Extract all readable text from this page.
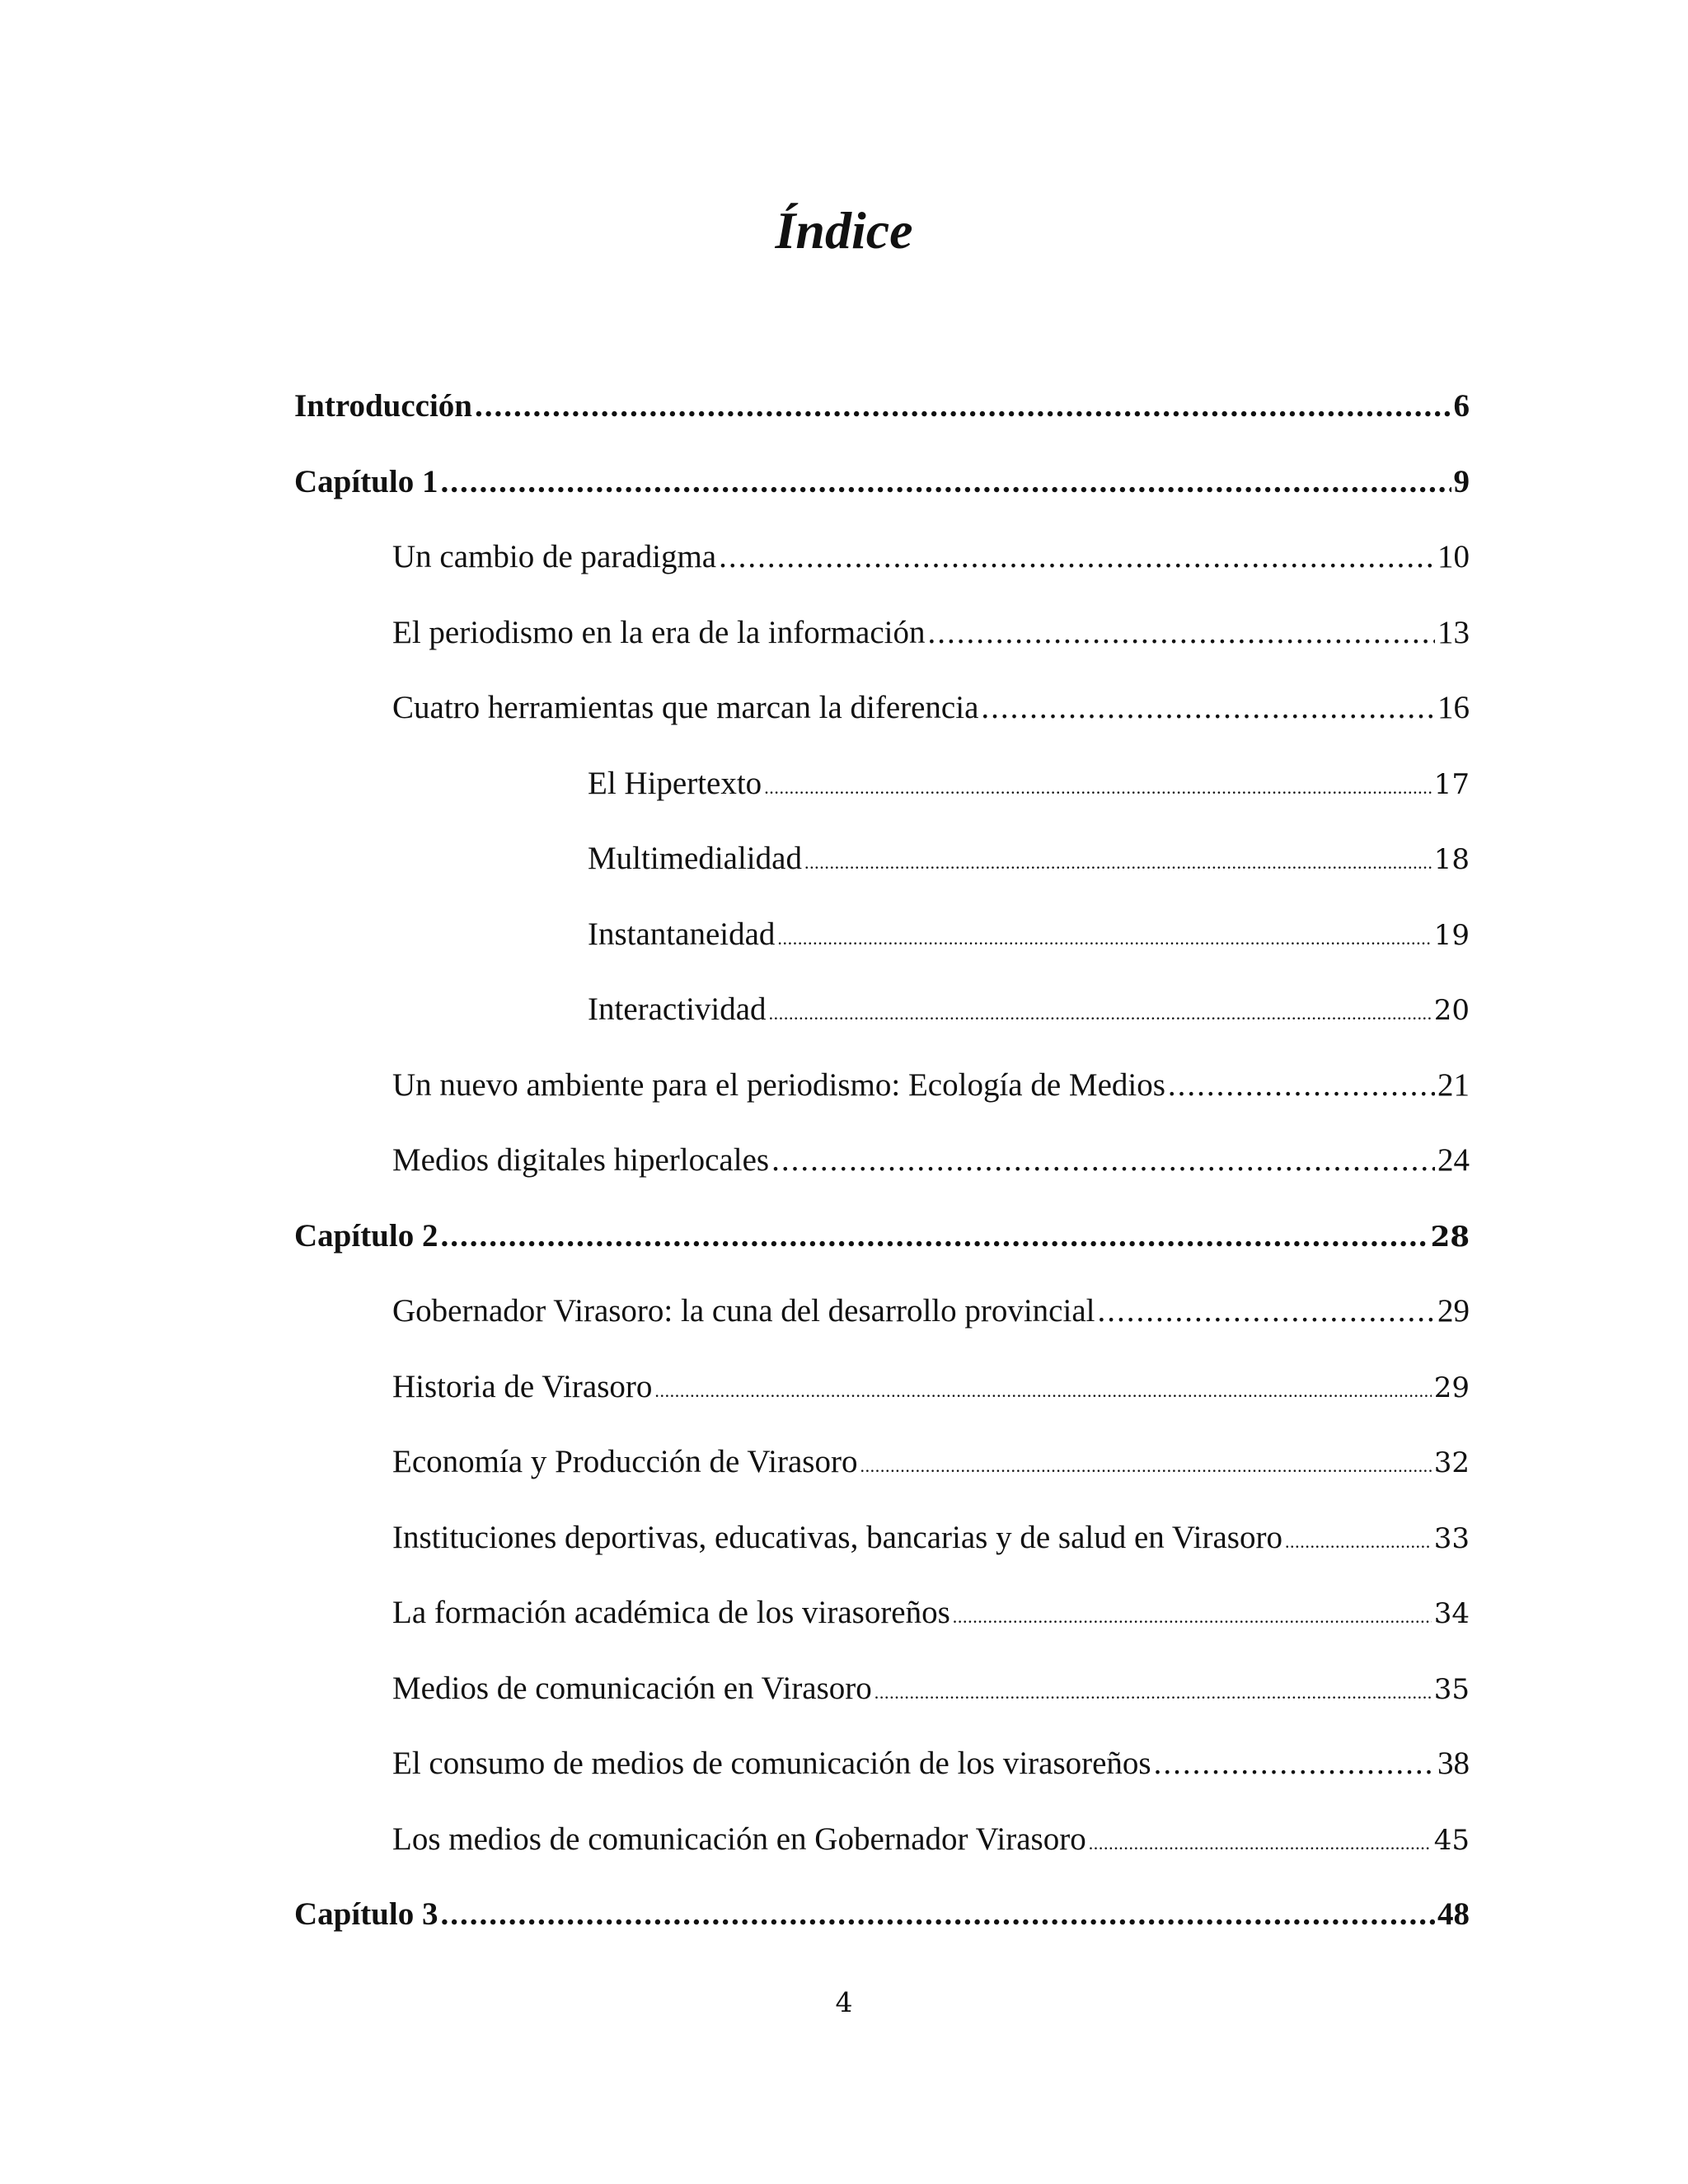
Índice
Introducción .....	6
Capítulo 1 .....	9
Un cambio de paradigma .....	10
El periodismo en la era de la información .....	13
Cuatro herramientas que marcan la diferencia .....	16
El Hipertexto .....	17
Multimedialidad .....	18
Instantaneidad .....	19
Interactividad .....	20
Un nuevo ambiente para el periodismo: Ecología de Medios .....	21
Medios digitales hiperlocales .....	24
Capítulo 2 .....	28
Gobernador Virasoro: la cuna del desarrollo provincial .....	29
Historia de Virasoro .....	29
Economía y Producción de Virasoro .....	32
Instituciones deportivas, educativas, bancarias y de salud en Virasoro .....	33
La formación académica de los virasoreños .....	34
Medios de comunicación en Virasoro .....	35
El consumo de medios de comunicación de los virasoreños .....	38
Los medios de comunicación en Gobernador Virasoro .....	45
Capítulo 3 .....	48
4
